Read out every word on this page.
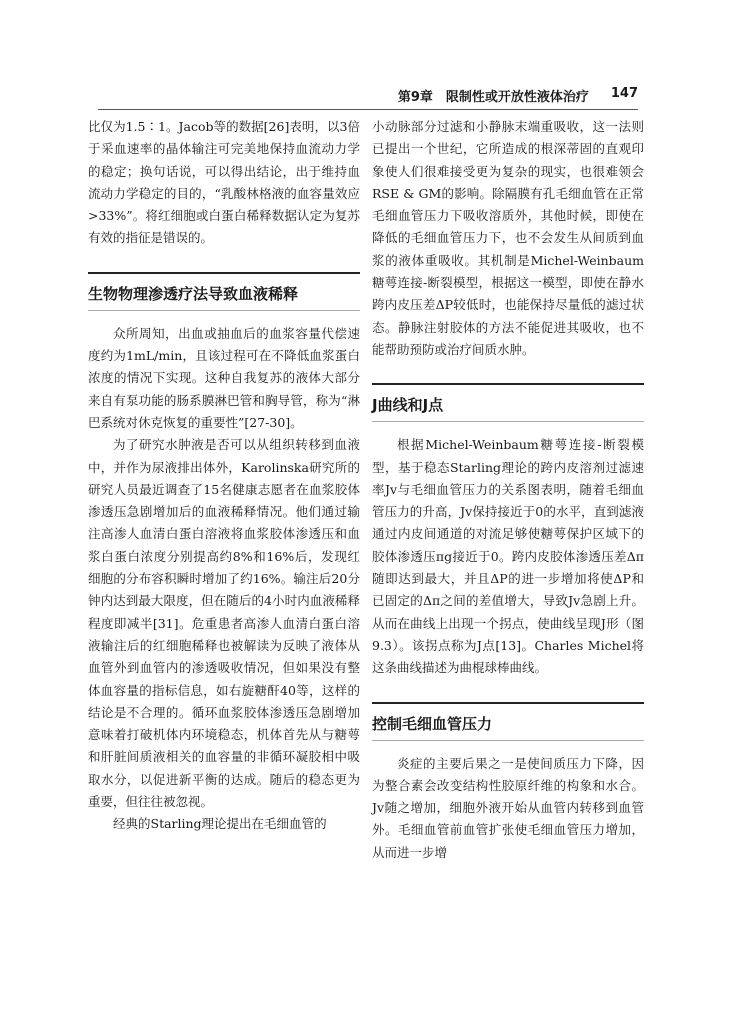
第9章　限制性或开放性液体治疗 147

比仅为1.5∶1。Jacob等的数据[26]表明，以3倍于采血速率的晶体输注可完美地保持血流动力学的稳定；换句话说，可以得出结论，出于维持血流动力学稳定的目的，“乳酸林格液的血容量效应>33%”。将红细胞或白蛋白稀释数据认定为复苏有效的指征是错误的。

生物物理渗透疗法导致血液稀释

众所周知，出血或抽血后的血浆容量代偿速度约为1mL/min，且该过程可在不降低血浆蛋白浓度的情况下实现。这种自我复苏的液体大部分来自有泵功能的肠系膜淋巴管和胸导管，称为“淋巴系统对休克恢复的重要性”[27-30]。

为了研究水肿液是否可以从组织转移到血液中，并作为尿液排出体外，Karolinska研究所的研究人员最近调查了15名健康志愿者在血浆胶体渗透压急剧增加后的血液稀释情况。他们通过输注高渗人血清白蛋白溶液将血浆胶体渗透压和血浆白蛋白浓度分别提高约8%和16%后，发现红细胞的分布容积瞬时增加了约16%。输注后20分钟内达到最大限度，但在随后的4小时内血液稀释程度即减半[31]。危重患者高渗人血清白蛋白溶液输注后的红细胞稀释也被解读为反映了液体从血管外到血管内的渗透吸收情况，但如果没有整体血容量的指标信息，如右旋糖酐40等，这样的结论是不合理的。循环血浆胶体渗透压急剧增加意味着打破机体内环境稳态，机体首先从与糖萼和肝脏间质液相关的血容量的非循环凝胶相中吸取水分，以促进新平衡的达成。随后的稳态更为重要，但往往被忽视。

经典的Starling理论提出在毛细血管的

小动脉部分过滤和小静脉末端重吸收，这一法则已提出一个世纪，它所造成的根深蒂固的直观印象使人们很难接受更为复杂的现实，也很难领会RSE & GM的影响。除隔膜有孔毛细血管在正常毛细血管压力下吸收溶质外，其他时候，即使在降低的毛细血管压力下，也不会发生从间质到血浆的液体重吸收。其机制是Michel-Weinbaum糖萼连接-断裂模型，根据这一模型，即使在静水跨内皮压差ΔP较低时，也能保持尽量低的滤过状态。静脉注射胶体的方法不能促进其吸收，也不能帮助预防或治疗间质水肿。

J曲线和J点

根据Michel-Weinbaum糖萼连接-断裂模型，基于稳态Starling理论的跨内皮溶剂过滤速率Jv与毛细血管压力的关系图表明，随着毛细血管压力的升高，Jv保持接近于0的水平，直到滤液通过内皮间通道的对流足够使糖萼保护区域下的胶体渗透压πg接近于0。跨内皮胶体渗透压差Δπ随即达到最大，并且ΔP的进一步增加将使ΔP和已固定的Δπ之间的差值增大，导致Jv急剧上升。从而在曲线上出现一个拐点，使曲线呈现J形（图9.3）。该拐点称为J点[13]。Charles Michel将这条曲线描述为曲棍球棒曲线。

控制毛细血管压力

炎症的主要后果之一是使间质压力下降，因为整合素会改变结构性胶原纤维的构象和水合。Jv随之增加，细胞外液开始从血管内转移到血管外。毛细血管前血管扩张使毛细血管压力增加，从而进一步增
